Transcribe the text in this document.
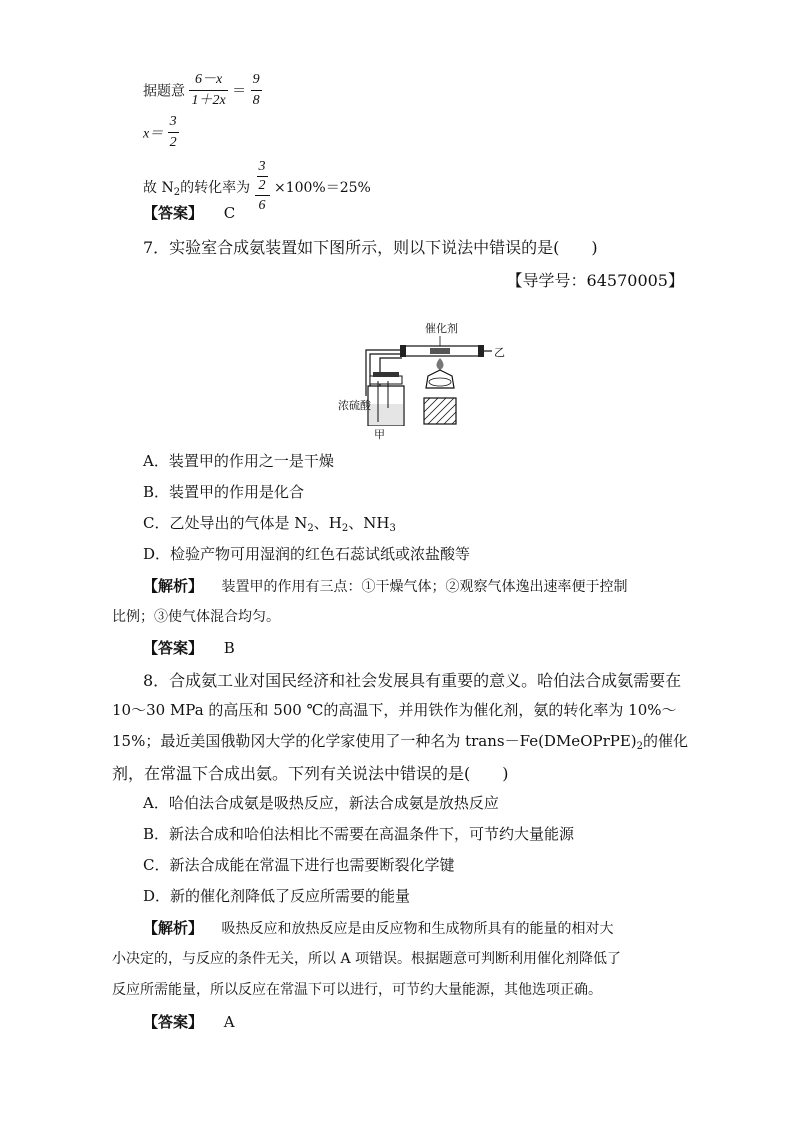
据题意 $\frac{6-x}{1+2x} = \frac{9}{8}$
$x= \frac{3}{2}$
故 $N_2$的转化率为 $\frac{\frac{3}{2}}{6} \times 100\%=25\%$
【答案】 C
7．实验室合成氨装置如下图所示，则以下说法中错误的是(　　)
【导学号：64570005】
催化剂
乙
浓硫酸
甲
A．装置甲的作用之一是干燥
B．装置甲的作用是化合
C．乙处导出的气体是 $N_2$、$H_2$、$NH_3$
D．检验产物可用湿润的红色石蕊试纸或浓盐酸等
【解析】 装置甲的作用有三点：①干燥气体；②观察气体逸出速率便于控制
比例；③使气体混合均匀。
【答案】 B
8．合成氨工业对国民经济和社会发展具有重要的意义。哈伯法合成氨需要在
10～30 MPa 的高压和 500 ℃的高温下，并用铁作为催化剂，氨的转化率为 10%～
15%；最近美国俄勒冈大学的化学家使用了一种名为 $trans-Fe(DMeOPrPE)_2$的催化
剂，在常温下合成出氨。下列有关说法中错误的是(　　)
A．哈伯法合成氨是吸热反应，新法合成氨是放热反应
B．新法合成和哈伯法相比不需要在高温条件下，可节约大量能源
C．新法合成能在常温下进行也需要断裂化学键
D．新的催化剂降低了反应所需要的能量
【解析】 吸热反应和放热反应是由反应物和生成物所具有的能量的相对大
小决定的，与反应的条件无关，所以 A 项错误。根据题意可判断利用催化剂降低了
反应所需能量，所以反应在常温下可以进行，可节约大量能源，其他选项正确。
【答案】 A
